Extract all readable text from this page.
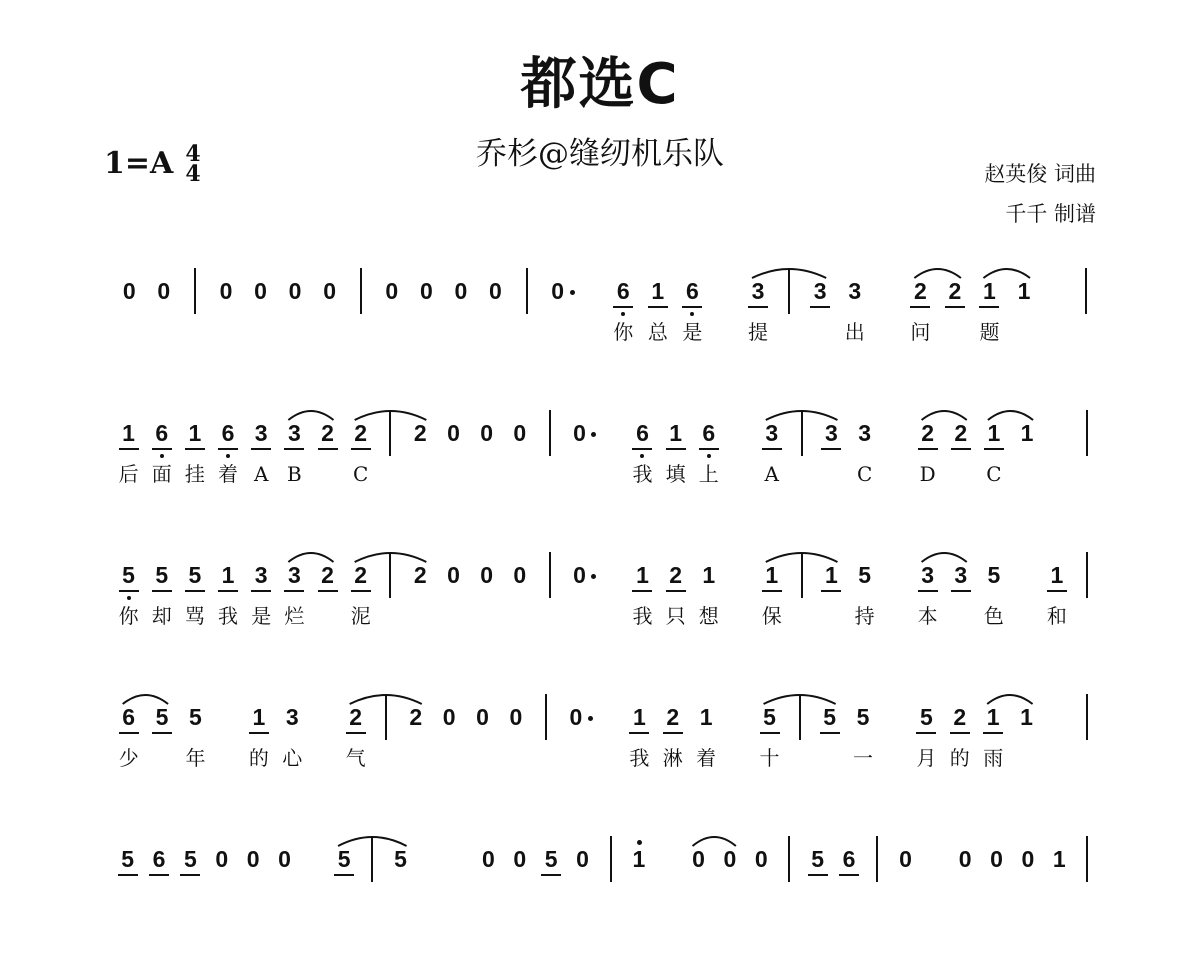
都选C
乔杉@缝纫机乐队
1=A 4
4	赵英俊 词曲
千千 制谱
0 0 0 0 0 0 0 0 0 0 0 6
你
1
总
6
是
3
提
3 3
出
2
问
2 1
题
1
1
后
6
面
1
挂
6
着
3
A
3
B
2 2
C
2 0 0 0 0 6
我
1
填
6
上
3
A
3 3
C
2
D
2 1
C
1
5
你
5
却
5
骂
1
我
3
是
3
烂
2 2
泥
2 0 0 0 0 1
我
2
只
1
想
1
保
1 5
持
3
本
3 5
色
1
和
6
少
5 5
年
1
的
3
心
2
气
2 0 0 0 0 1
我
2
淋
1
着
5
十
5 5
一
5
月
2
的
1
雨
1
5 6 5 0 0 0 5 5	0 0 5 0 1 0 0 0 5 6 0 0 0 0 1
